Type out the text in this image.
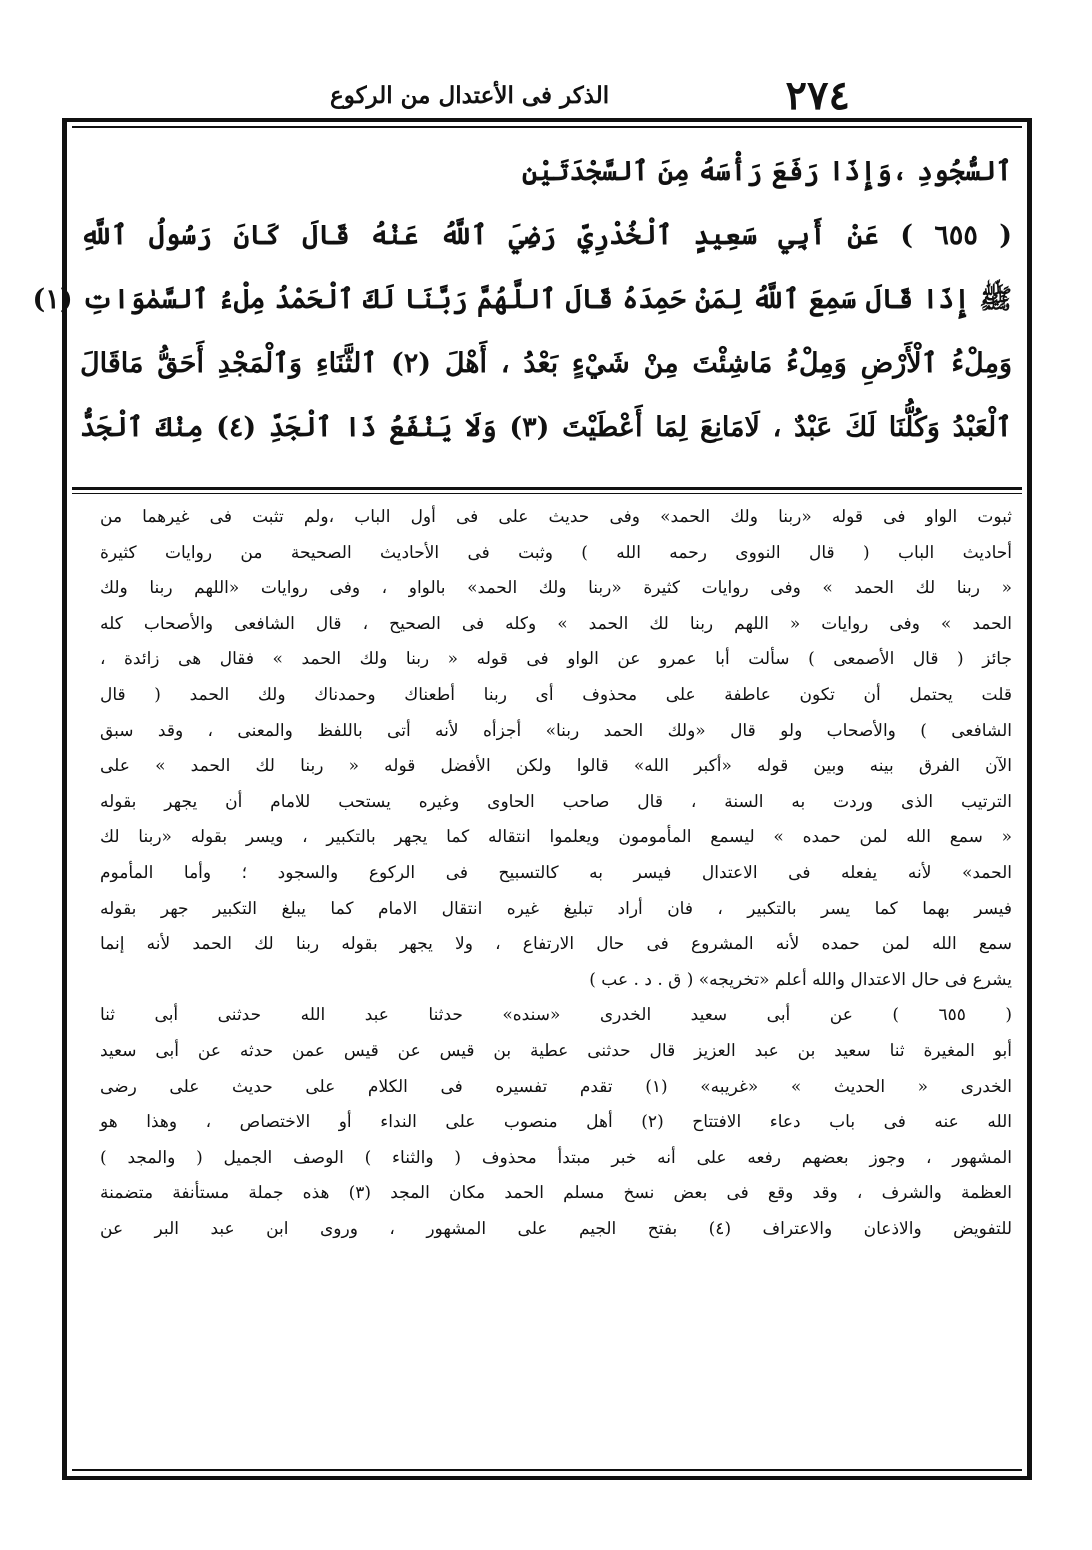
٢٧٤
الذكر فى الأعتدال من الركوع
ٱلسُّجُودِ ،وَإِذَا رَفَعَ رَأْسَهُ مِنَ ٱلسَّجْدَتَيْنِ
( ٦٥٥ ) عَنْ أَبِي سَعِيدٍ ٱلْخُدْرِيِّ رَضِيَ ٱللَّهُ عَنْهُ قَالَ كَانَ رَسُولُ ٱللَّهِ
ﷺ إِذَا قَالَ سَمِعَ ٱللَّهُ لِمَنْ حَمِدَهُ قَالَ ٱللَّهُمَّ رَبَّنَا لَكَ ٱلْحَمْدُ مِلْءُ ٱلسَّمٰوَاتِ (١)
وَمِلْءُ ٱلْأَرْضِ وَمِلْءُ مَاشِئْتَ مِنْ شَيْءٍ بَعْدُ ، أَهْلَ (٢) ٱلثَّنَاءِ وَٱلْمَجْدِ أَحَقُّ مَاقَالَ
ٱلْعَبْدُ وَكُلُّنَا لَكَ عَبْدٌ ، لَامَانِعَ لِمَا أَعْطَيْتَ (٣) وَلَا يَنْفَعُ ذَا ٱلْجَدِّ (٤) مِنْكَ ٱلْجَدُّ
ثبوت الواو فى قوله «ربنا ولك الحمد» وفى حديث على فى أول الباب ،ولم تثبت فى غيرهما من
أحاديث الباب ( قال النووى رحمه الله ) وثبت فى الأحاديث الصحيحة من روايات كثيرة
« ربنا لك الحمد » وفى روايات كثيرة «ربنا ولك الحمد» بالواو ، وفى روايات «اللهم ربنا ولك
الحمد » وفى روايات « اللهم ربنا لك الحمد » وكله فى الصحيح ، قال الشافعى والأصحاب كله
جائز ( قال الأصمعى ) سألت أبا عمرو عن الواو فى قوله « ربنا ولك الحمد » فقال هى زائدة ،
قلت يحتمل أن تكون عاطفة على محذوف أى ربنا أطعناك وحمدناك ولك الحمد ( قال
الشافعى ) والأصحاب ولو قال «ولك الحمد ربنا» أجزأه لأنه أتى باللفظ والمعنى ، وقد سبق
الآن الفرق بينه وبين قوله «أكبر الله» قالوا ولكن الأفضل قوله « ربنا لك الحمد » على
الترتيب الذى وردت به السنة ، قال صاحب الحاوى وغيره يستحب للامام أن يجهر بقوله
« سمع الله لمن حمده » ليسمع المأمومون ويعلموا انتقاله كما يجهر بالتكبير ، ويسر بقوله «ربنا لك
الحمد» لأنه يفعله فى الاعتدال فيسر به كالتسبيح فى الركوع والسجود ؛ وأما المأموم
فيسر بهما كما يسر بالتكبير ، فان أراد تبليغ غيره انتقال الامام كما يبلغ التكبير جهر بقوله
سمع الله لمن حمده لأنه المشروع فى حال الارتفاع ، ولا يجهر بقوله ربنا لك الحمد لأنه إنما
يشرع فى حال الاعتدال والله أعلم «تخريجه» ( ق . د . عب )
( ٦٥٥ ) عن أبى سعيد الخدرى «سنده» حدثنا عبد الله حدثنى أبى ثنا
أبو المغيرة ثنا سعيد بن عبد العزيز قال حدثنى عطية بن قيس عن قيس عمن حدثه عن أبى سعيد
الخدرى « الحديث » «غريبه» (١) تقدم تفسيره فى الكلام على حديث على رضى
الله عنه فى باب دعاء الافتتاح (٢) أهل منصوب على النداء أو الاختصاص ، وهذا هو
المشهور ، وجوز بعضهم رفعه على أنه خبر مبتدأ محذوف ( والثناء ) الوصف الجميل ( والمجد )
العظمة والشرف ، وقد وقع فى بعض نسخ مسلم الحمد مكان المجد (٣) هذه جملة مستأنفة متضمنة
للتفويض والاذعان والاعتراف (٤) بفتح الجيم على المشهور ، وروى ابن عبد البر عن
